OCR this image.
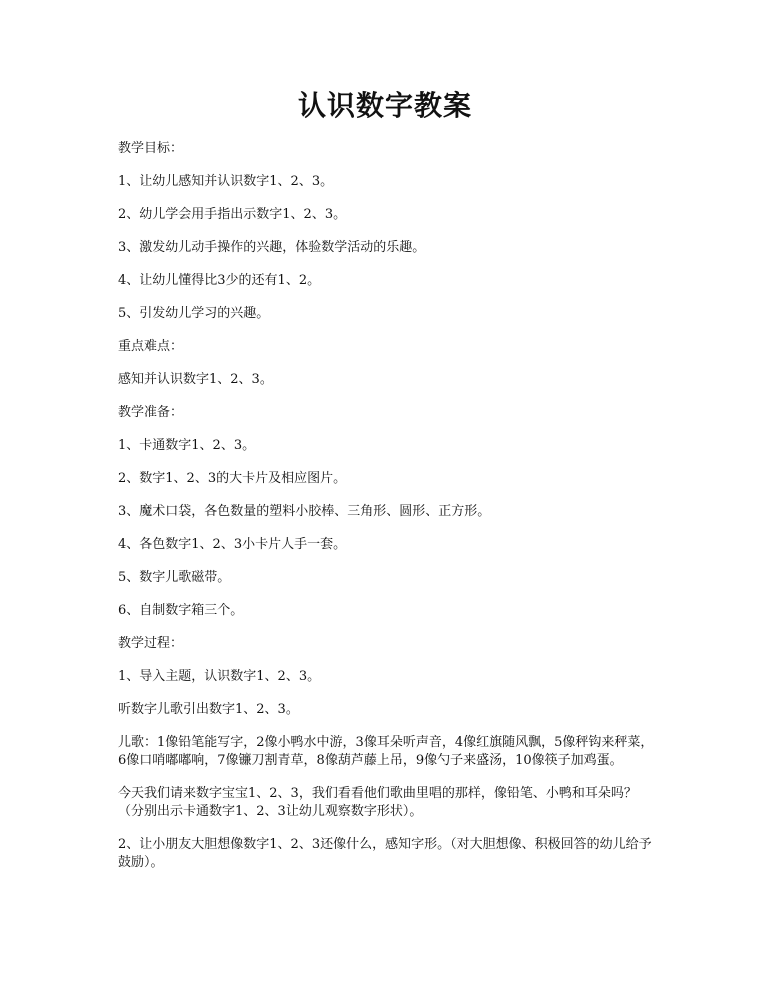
认识数字教案

教学目标：

1、让幼儿感知并认识数字1、2、3。

2、幼儿学会用手指出示数字1、2、3。

3、激发幼儿动手操作的兴趣，体验数学活动的乐趣。

4、让幼儿懂得比3少的还有1、2。

5、引发幼儿学习的兴趣。

重点难点：

感知并认识数字1、2、3。

教学准备：

1、卡通数字1、2、3。

2、数字1、2、3的大卡片及相应图片。

3、魔术口袋，各色数量的塑料小胶棒、三角形、圆形、正方形。

4、各色数字1、2、3小卡片人手一套。

5、数字儿歌磁带。

6、自制数字箱三个。

教学过程：

1、导入主题，认识数字1、2、3。

听数字儿歌引出数字1、2、3。

儿歌：1像铅笔能写字，2像小鸭水中游，3像耳朵听声音，4像红旗随风飘，5像秤钩来秤菜，6像口哨嘟嘟响，7像镰刀割青草，8像葫芦藤上吊，9像勺子来盛汤，10像筷子加鸡蛋。

今天我们请来数字宝宝1、2、3，我们看看他们歌曲里唱的那样，像铅笔、小鸭和耳朵吗？（分别出示卡通数字1、2、3让幼儿观察数字形状）。

2、让小朋友大胆想像数字1、2、3还像什么，感知字形。（对大胆想像、积极回答的幼儿给予鼓励）。
